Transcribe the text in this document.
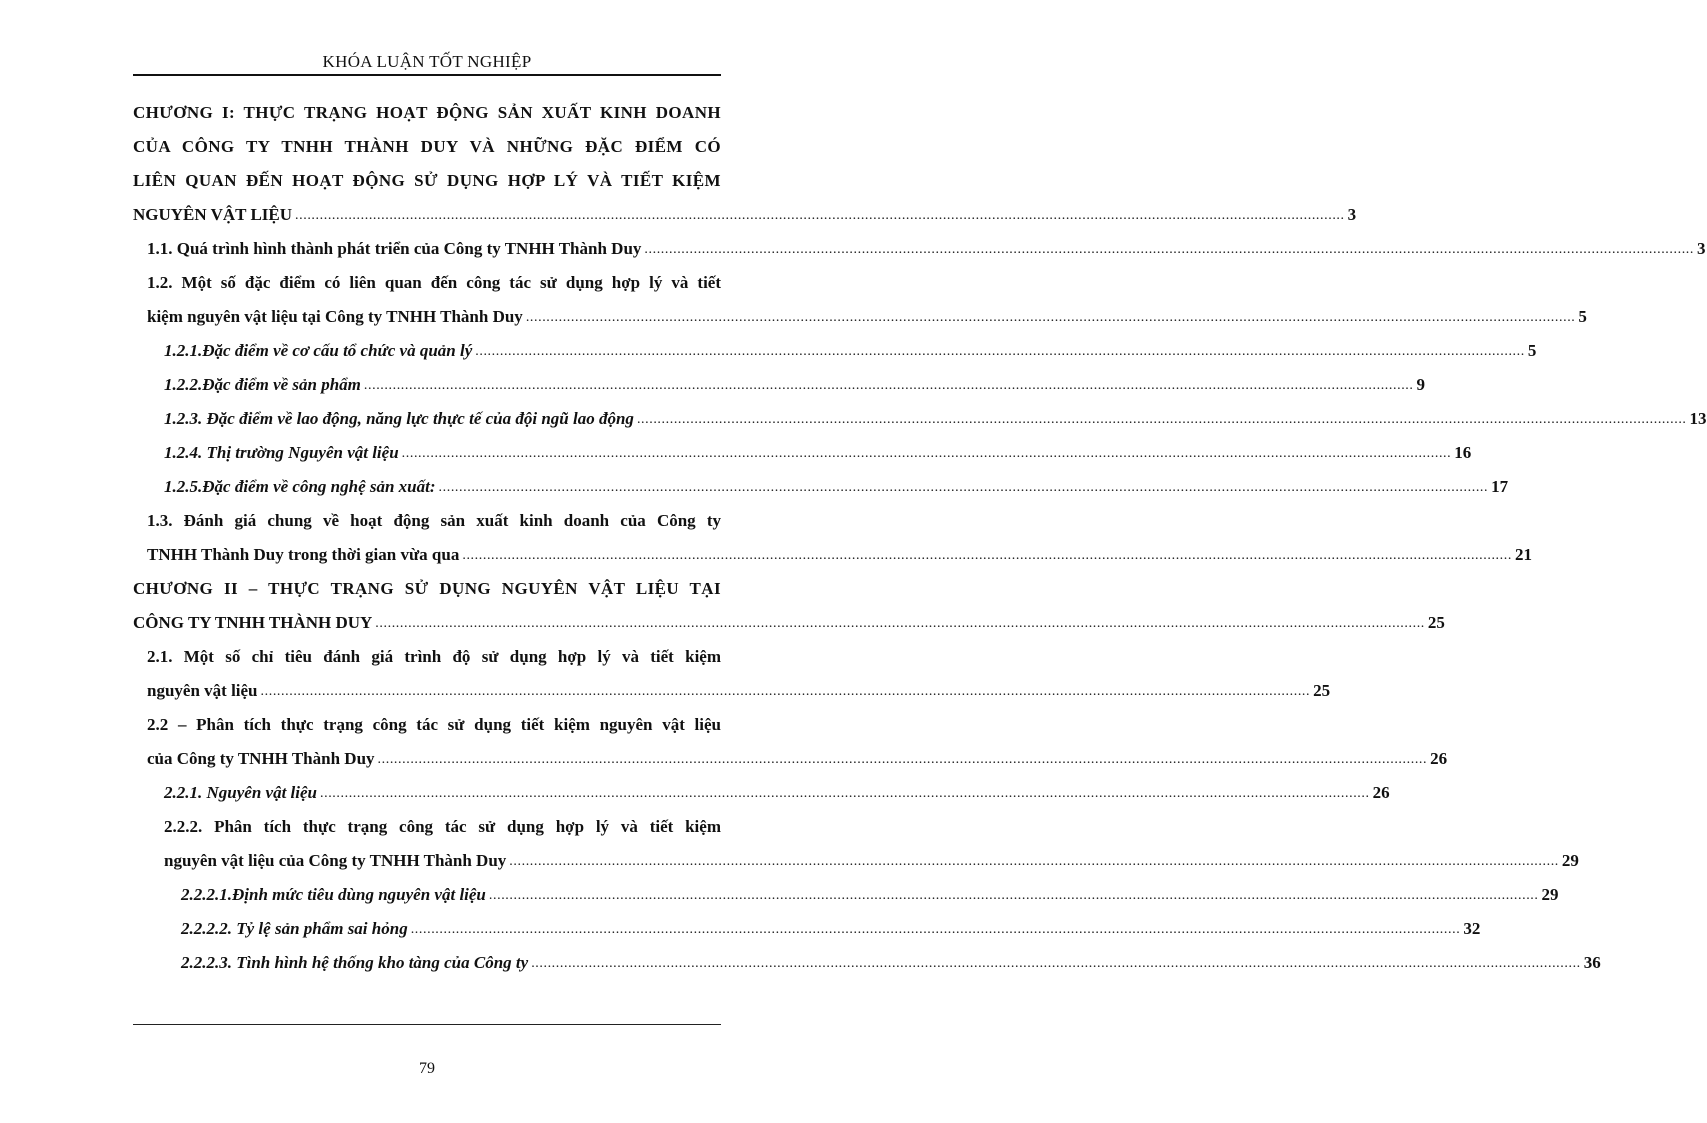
KHÓA LUẬN TỐT NGHIỆP
CHƯƠNG I: THỰC TRẠNG HOẠT ĐỘNG SẢN XUẤT KINH DOANH
CỦA CÔNG TY TNHH THÀNH DUY VÀ NHỮNG ĐẶC ĐIỂM CÓ
LIÊN QUAN ĐẾN HOẠT ĐỘNG SỬ DỤNG HỢP LÝ VÀ TIẾT KIỆM
NGUYÊN VẬT LIỆU .....	3
1.1. Quá trình hình thành phát triển của Công ty TNHH Thành Duy .....	3
1.2. Một số đặc điểm có liên quan đến công tác sử dụng hợp lý và tiết
kiệm nguyên vật liệu tại Công ty TNHH Thành Duy .....	5
1.2.1.Đặc điểm về cơ cấu tổ chức và quản lý .....	5
1.2.2.Đặc điểm về sản phẩm .....	9
1.2.3. Đặc điểm về lao động, năng lực thực tế của đội ngũ lao động .....	13
1.2.4. Thị trường Nguyên vật liệu .....	16
1.2.5.Đặc điểm về công nghệ sản xuất: .....	17
1.3. Đánh giá chung về hoạt động sản xuất kinh doanh của Công ty
TNHH Thành Duy trong thời gian vừa qua .....	21
CHƯƠNG II – THỰC TRẠNG SỬ DỤNG NGUYÊN VẬT LIỆU TẠI
CÔNG TY TNHH THÀNH DUY .....	25
2.1. Một số chỉ tiêu đánh giá trình độ sử dụng hợp lý và tiết kiệm
nguyên vật liệu .....	25
2.2 – Phân tích thực trạng công tác sử dụng tiết kiệm nguyên vật liệu
của Công ty TNHH Thành Duy .....	26
2.2.1. Nguyên vật liệu .....	26
2.2.2. Phân tích thực trạng công tác sử dụng hợp lý và tiết kiệm
nguyên vật liệu của Công ty TNHH Thành Duy .....	29
2.2.2.1.Định mức tiêu dùng nguyên vật liệu .....	29
2.2.2.2. Tỷ lệ sản phẩm sai hỏng .....	32
2.2.2.3. Tình hình hệ thống kho tàng của Công ty .....	36
79
